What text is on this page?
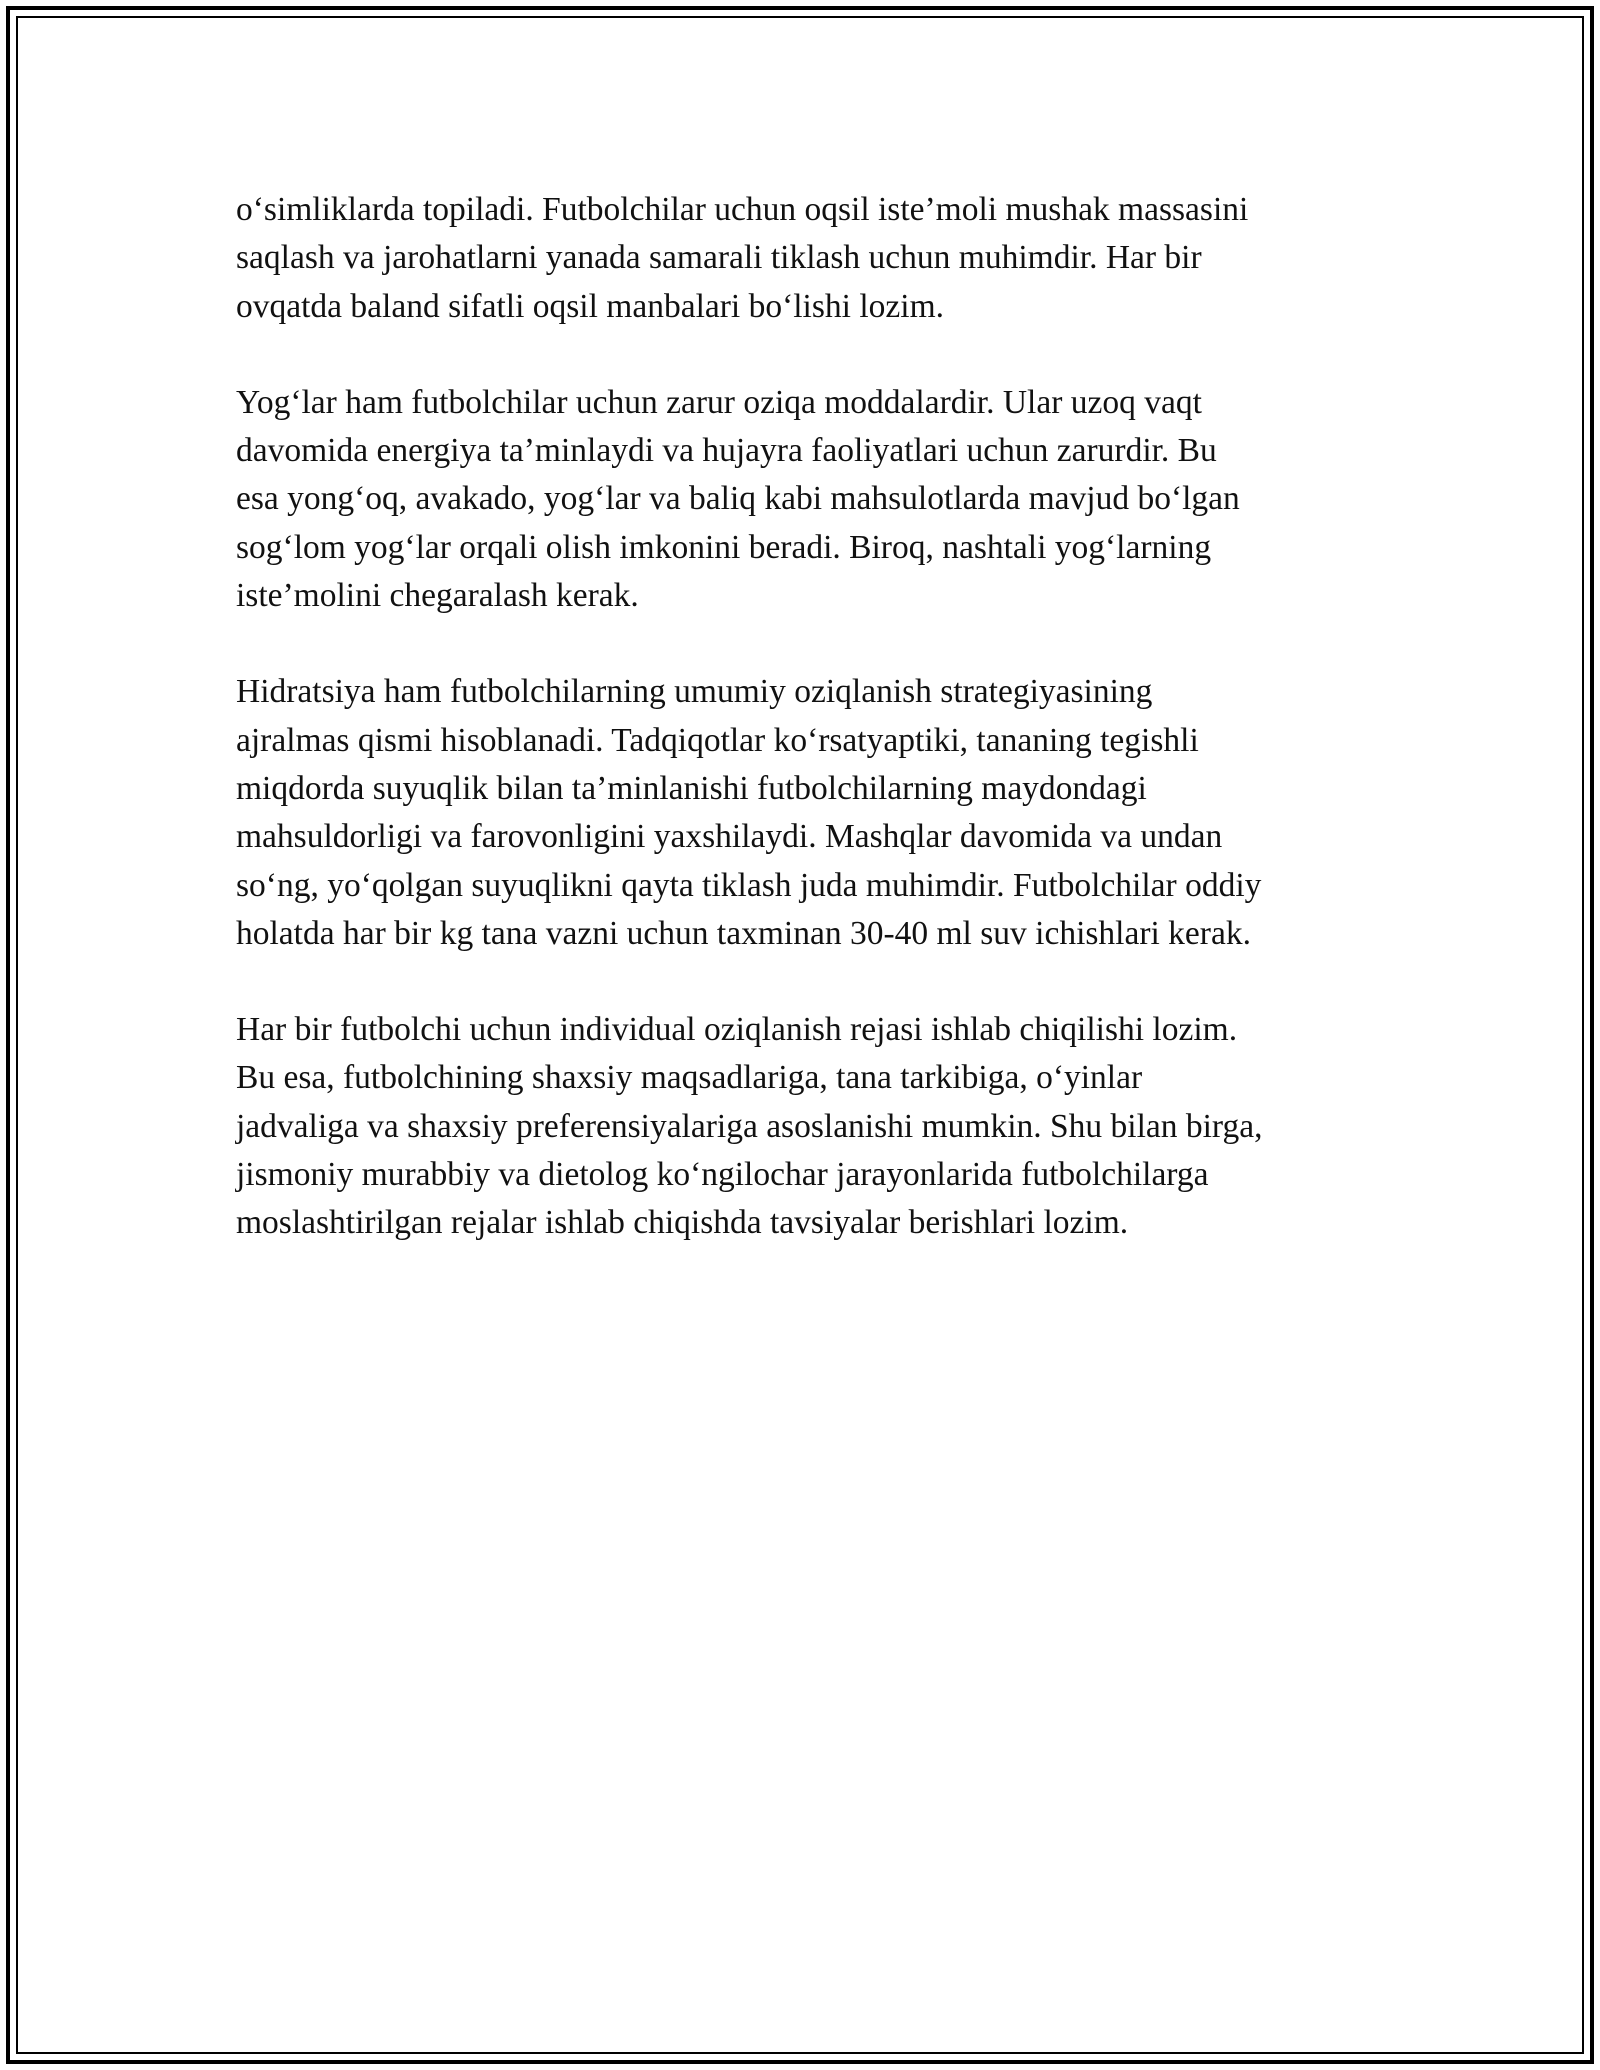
o‘simliklarda topiladi. Futbolchilar uchun oqsil iste’moli mushak massasini
saqlash va jarohatlarni yanada samarali tiklash uchun muhimdir. Har bir
ovqatda baland sifatli oqsil manbalari bo‘lishi lozim.

Yog‘lar ham futbolchilar uchun zarur oziqa moddalardir. Ular uzoq vaqt
davomida energiya ta’minlaydi va hujayra faoliyatlari uchun zarurdir. Bu
esa yong‘oq, avakado, yog‘lar va baliq kabi mahsulotlarda mavjud bo‘lgan
sog‘lom yog‘lar orqali olish imkonini beradi. Biroq, nashtali yog‘larning
iste’molini chegaralash kerak.

Hidratsiya ham futbolchilarning umumiy oziqlanish strategiyasining
ajralmas qismi hisoblanadi. Tadqiqotlar ko‘rsatyaptiki, tananing tegishli
miqdorda suyuqlik bilan ta’minlanishi futbolchilarning maydondagi
mahsuldorligi va farovonligini yaxshilaydi. Mashqlar davomida va undan
so‘ng, yo‘qolgan suyuqlikni qayta tiklash juda muhimdir. Futbolchilar oddiy
holatda har bir kg tana vazni uchun taxminan 30-40 ml suv ichishlari kerak.

Har bir futbolchi uchun individual oziqlanish rejasi ishlab chiqilishi lozim.
Bu esa, futbolchining shaxsiy maqsadlariga, tana tarkibiga, o‘yinlar
jadvaliga va shaxsiy preferensiyalariga asoslanishi mumkin. Shu bilan birga,
jismoniy murabbiy va dietolog ko‘ngilochar jarayonlarida futbolchilarga
moslashtirilgan rejalar ishlab chiqishda tavsiyalar berishlari lozim.
